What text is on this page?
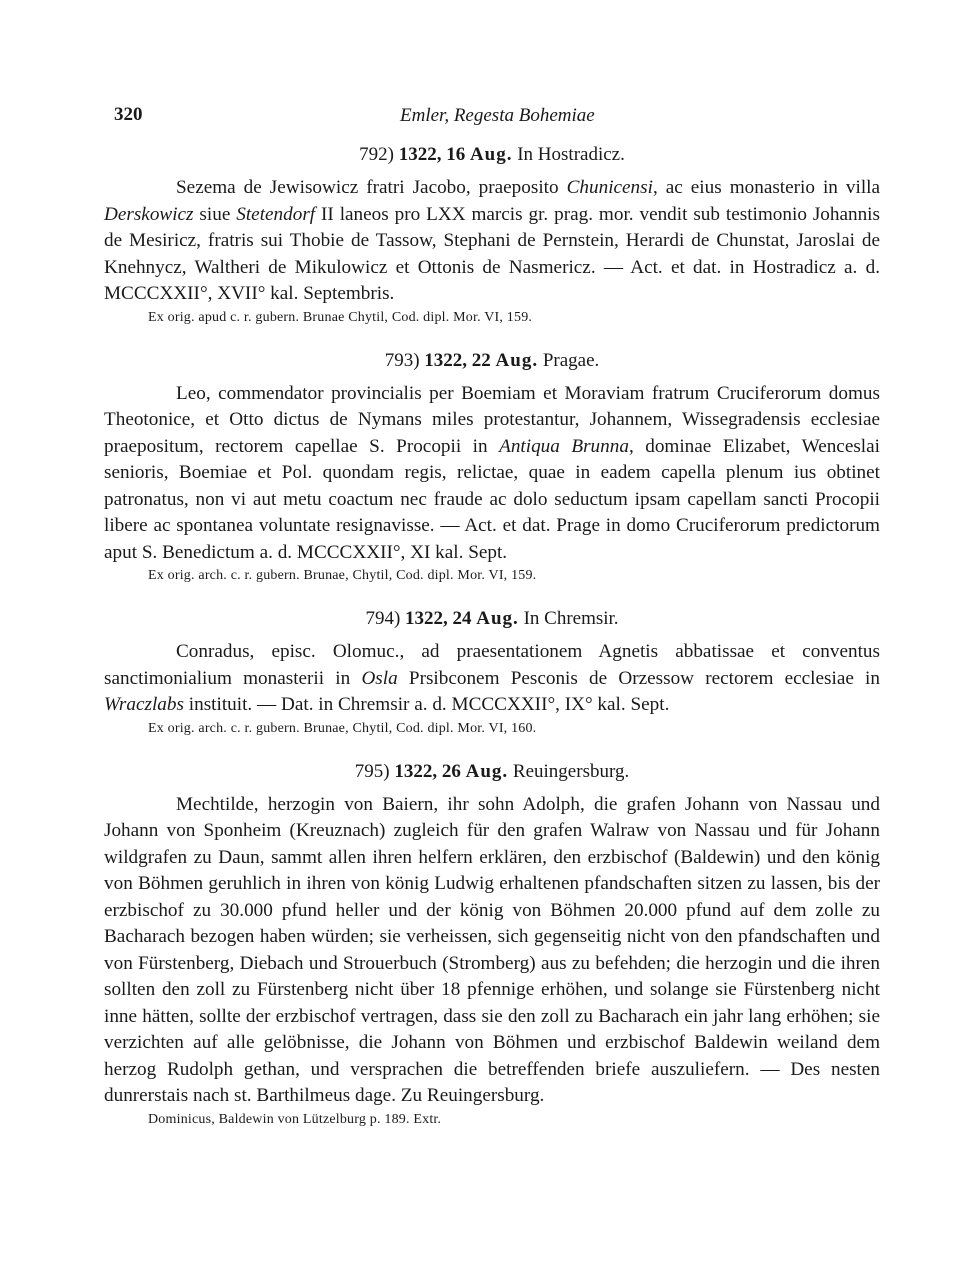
320	Emler, Regesta Bohemiae
792) 1322, 16 Aug. In Hostradicz.

Sezema de Jewisowicz fratri Jacobo, praeposito Chunicensi, ac eius monasterio in villa Derskowicz siue Stetendorf II laneos pro LXX marcis gr. prag. mor. vendit sub testimonio Johannis de Mesiricz, fratris sui Thobie de Tassow, Stephani de Pernstein, Herardi de Chunstat, Jaroslai de Knehnycz, Waltheri de Mikulowicz et Ottonis de Nasmericz. — Act. et dat. in Hostradicz a. d. MCCCXXII°, XVII° kal. Septembris.

Ex orig. apud c. r. gubern. Brunae Chytil, Cod. dipl. Mor. VI, 159.
793) 1322, 22 Aug. Pragae.

Leo, commendator provincialis per Boemiam et Moraviam fratrum Cruciferorum domus Theotonice, et Otto dictus de Nymans miles protestantur, Johannem, Wissegradensis ecclesiae praepositum, rectorem capellae S. Procopii in Antiqua Brunna, dominae Elizabet, Wenceslai senioris, Boemiae et Pol. quondam regis, relictae, quae in eadem capella plenum ius obtinet patronatus, non vi aut metu coactum nec fraude ac dolo seductum ipsam capellam sancti Procopii libere ac spontanea voluntate resignavisse. — Act. et dat. Prage in domo Cruciferorum predictorum aput S. Benedictum a. d. MCCCXXII°, XI kal. Sept.

Ex orig. arch. c. r. gubern. Brunae, Chytil, Cod. dipl. Mor. VI, 159.
794) 1322, 24 Aug. In Chremsir.

Conradus, episc. Olomuc., ad praesentationem Agnetis abbatissae et conventus sanctimonialium monasterii in Osla Prsibconem Pesconis de Orzessow rectorem ecclesiae in Wraczlabs instituit. — Dat. in Chremsir a. d. MCCCXXII°, IX° kal. Sept.

Ex orig. arch. c. r. gubern. Brunae, Chytil, Cod. dipl. Mor. VI, 160.
795) 1322, 26 Aug. Reuingersburg.

Mechtilde, herzogin von Baiern, ihr sohn Adolph, die grafen Johann von Nassau und Johann von Sponheim (Kreuznach) zugleich für den grafen Walraw von Nassau und für Johann wildgrafen zu Daun, sammt allen ihren helfern erklären, den erzbischof (Baldewin) und den könig von Böhmen geruhlich in ihren von könig Ludwig erhaltenen pfandschaften sitzen zu lassen, bis der erzbischof zu 30.000 pfund heller und der könig von Böhmen 20.000 pfund auf dem zolle zu Bacharach bezogen haben würden; sie verheissen, sich gegenseitig nicht von den pfandschaften und von Fürstenberg, Diebach und Strouerbuch (Stromberg) aus zu befehden; die herzogin und die ihren sollten den zoll zu Fürstenberg nicht über 18 pfennige erhöhen, und solange sie Fürstenberg nicht inne hätten, sollte der erzbischof vertragen, dass sie den zoll zu Bacharach ein jahr lang erhöhen; sie verzichten auf alle gelöbnisse, die Johann von Böhmen und erzbischof Baldewin weiland dem herzog Rudolph gethan, und versprachen die betreffenden briefe auszuliefern. — Des nesten dunrerstais nach st. Barthilmeus dage. Zu Reuingersburg.

Dominicus, Baldewin von Lützelburg p. 189. Extr.
